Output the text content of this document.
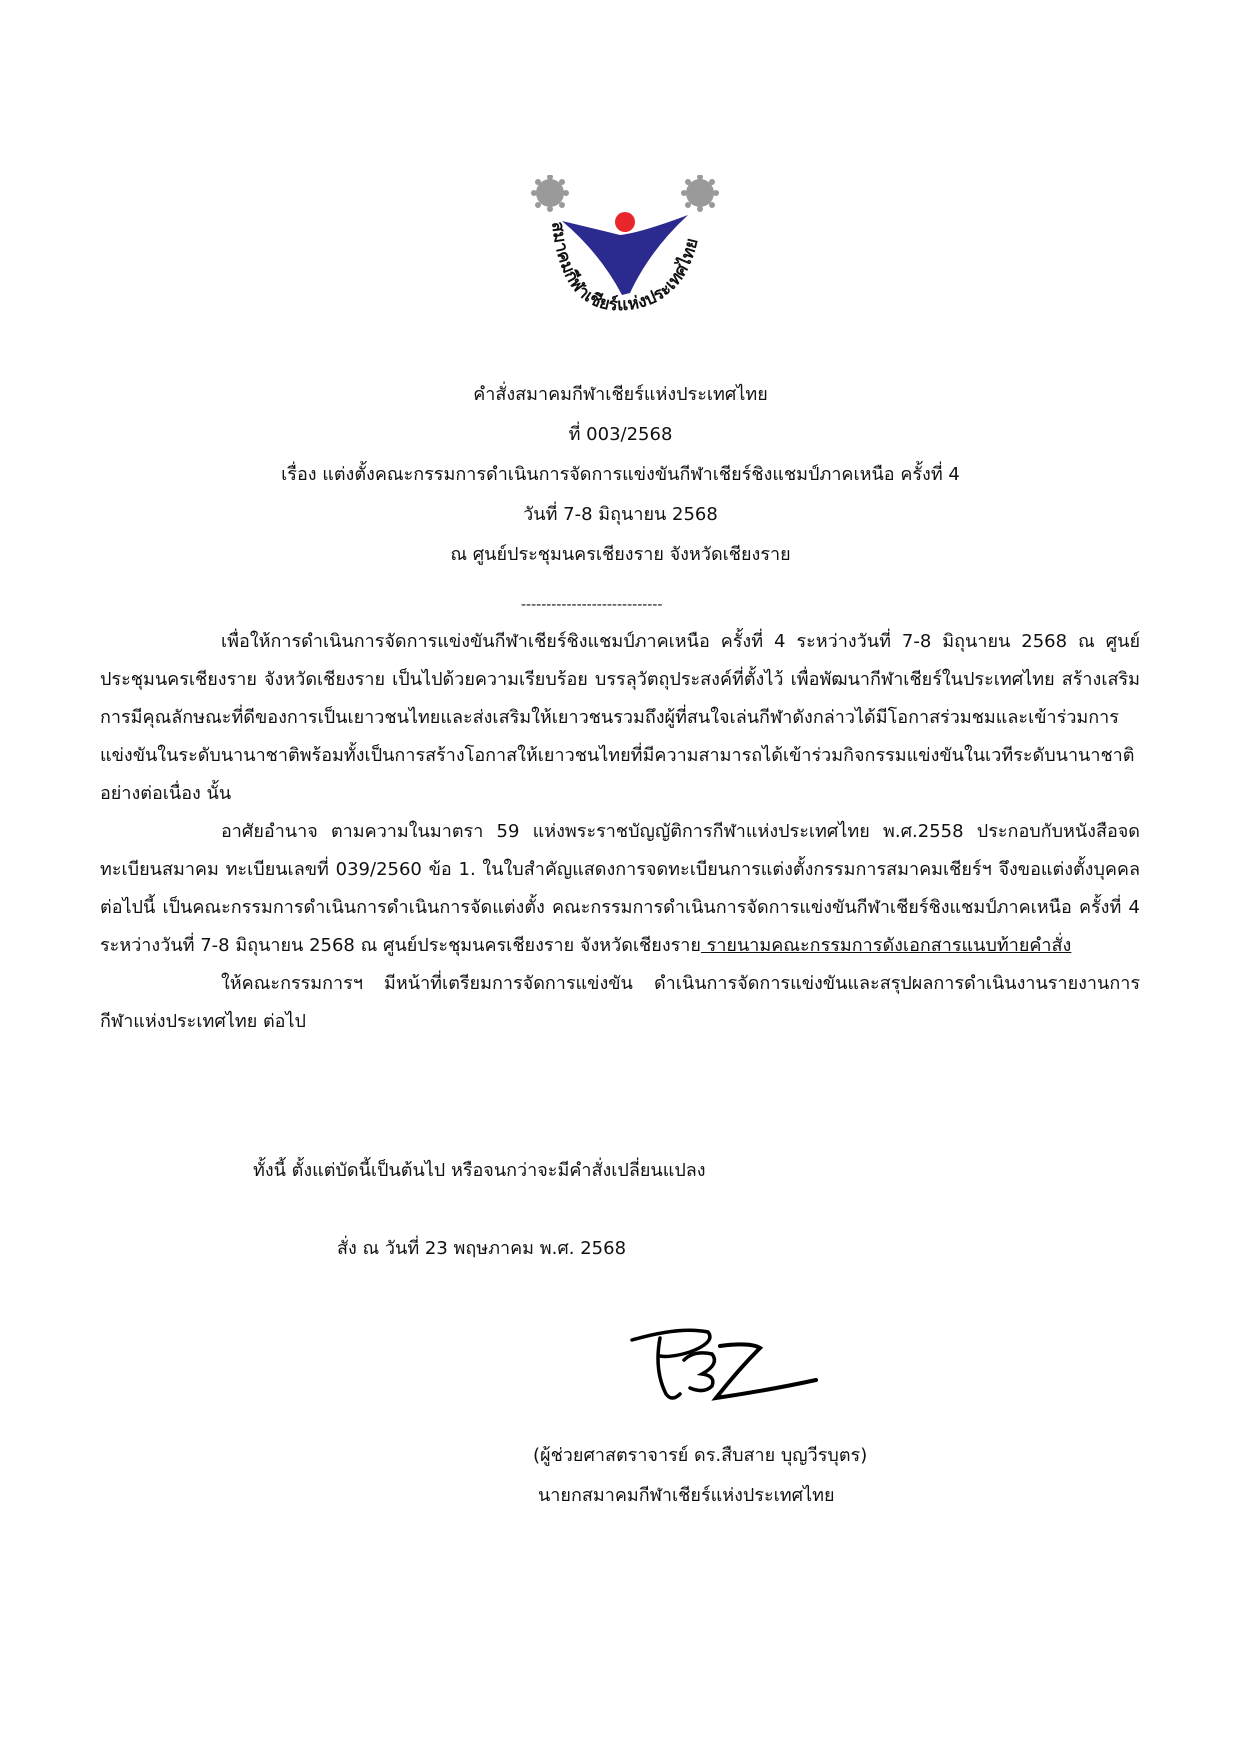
สมาคมกีฬาเชียร์แห่งประเทศไทย
คำสั่งสมาคมกีฬาเชียร์แห่งประเทศไทย
ที่ 003/2568
เรื่อง แต่งตั้งคณะกรรมการดำเนินการจัดการแข่งขันกีฬาเชียร์ชิงแชมป์ภาคเหนือ ครั้งที่ 4
วันที่ 7-8 มิถุนายน 2568
ณ ศูนย์ประชุมนครเชียงราย จังหวัดเชียงราย
----------------------------

เพื่อให้การดำเนินการจัดการแข่งขันกีฬาเชียร์ชิงแชมป์ภาคเหนือ ครั้งที่ 4 ระหว่างวันที่ 7-8 มิถุนายน 2568 ณ ศูนย์ประชุมนครเชียงราย จังหวัดเชียงราย เป็นไปด้วยความเรียบร้อย บรรลุวัตถุประสงค์ที่ตั้งไว้ เพื่อพัฒนากีฬาเชียร์ในประเทศไทย สร้างเสริมการมีคุณลักษณะที่ดีของการเป็นเยาวชนไทยและส่งเสริมให้เยาวชนรวมถึงผู้ที่สนใจเล่นกีฬาดังกล่าวได้มีโอกาสร่วมชมและเข้าร่วมการแข่งขันในระดับนานาชาติพร้อมทั้งเป็นการสร้างโอกาสให้เยาวชนไทยที่มีความสามารถได้เข้าร่วมกิจกรรมแข่งขันในเวทีระดับนานาชาติอย่างต่อเนื่อง นั้น

อาศัยอำนาจ ตามความในมาตรา 59 แห่งพระราชบัญญัติการกีฬาแห่งประเทศไทย พ.ศ.2558 ประกอบกับหนังสือจดทะเบียนสมาคม ทะเบียนเลขที่ 039/2560 ข้อ 1. ในใบสำคัญแสดงการจดทะเบียนการแต่งตั้งกรรมการสมาคมเชียร์ฯ จึงขอแต่งตั้งบุคคลต่อไปนี้ เป็นคณะกรรมการดำเนินการดำเนินการจัดแต่งตั้ง คณะกรรมการดำเนินการจัดการแข่งขันกีฬาเชียร์ชิงแชมป์ภาคเหนือ ครั้งที่ 4 ระหว่างวันที่ 7-8 มิถุนายน 2568 ณ ศูนย์ประชุมนครเชียงราย จังหวัดเชียงราย รายนามคณะกรรมการดังเอกสารแนบท้ายคำสั่ง

ให้คณะกรรมการฯ มีหน้าที่เตรียมการจัดการแข่งขัน ดำเนินการจัดการแข่งขันและสรุปผลการดำเนินงานรายงานการกีฬาแห่งประเทศไทย ต่อไป

ทั้งนี้ ตั้งแต่บัดนี้เป็นต้นไป หรือจนกว่าจะมีคำสั่งเปลี่ยนแปลง
สั่ง ณ วันที่ 23 พฤษภาคม พ.ศ. 2568
(ผู้ช่วยศาสตราจารย์ ดร.สืบสาย บุญวีรบุตร)
นายกสมาคมกีฬาเชียร์แห่งประเทศไทย
